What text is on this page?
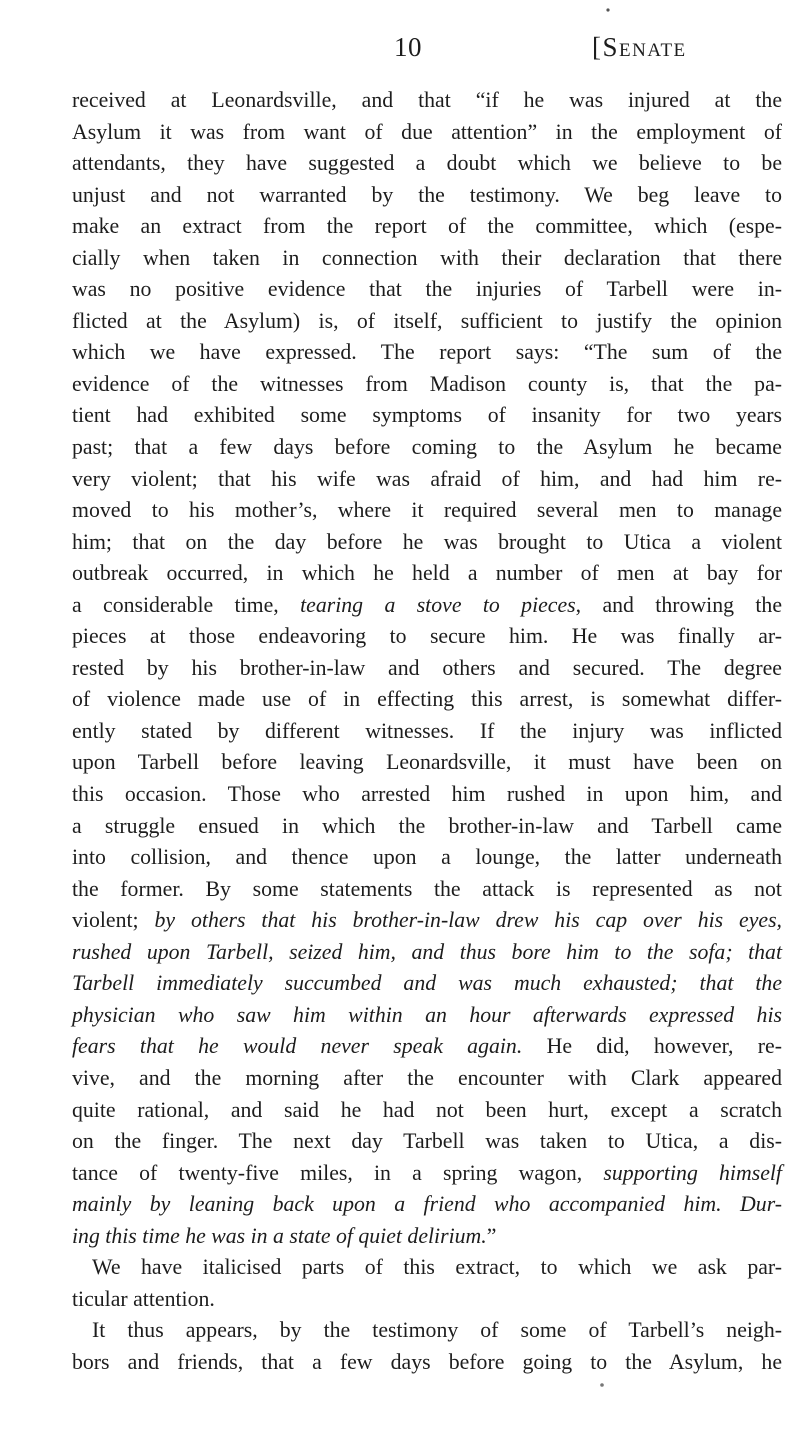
10	[Senate
received at Leonardsville, and that “if he was injured at the
Asylum it was from want of due attention” in the employment of
attendants, they have suggested a doubt which we believe to be
unjust and not warranted by the testimony. We beg leave to
make an extract from the report of the committee, which (espe-
cially when taken in connection with their declaration that there
was no positive evidence that the injuries of Tarbell were in-
flicted at the Asylum) is, of itself, sufficient to justify the opinion
which we have expressed. The report says: “The sum of the
evidence of the witnesses from Madison county is, that the pa-
tient had exhibited some symptoms of insanity for two years
past; that a few days before coming to the Asylum he became
very violent; that his wife was afraid of him, and had him re-
moved to his mother’s, where it required several men to manage
him; that on the day before he was brought to Utica a violent
outbreak occurred, in which he held a number of men at bay for
a considerable time, tearing a stove to pieces, and throwing the
pieces at those endeavoring to secure him. He was finally ar-
rested by his brother-in-law and others and secured. The degree
of violence made use of in effecting this arrest, is somewhat differ-
ently stated by different witnesses. If the injury was inflicted
upon Tarbell before leaving Leonardsville, it must have been on
this occasion. Those who arrested him rushed in upon him, and
a struggle ensued in which the brother-in-law and Tarbell came
into collision, and thence upon a lounge, the latter underneath
the former. By some statements the attack is represented as not
violent; by others that his brother-in-law drew his cap over his eyes,
rushed upon Tarbell, seized him, and thus bore him to the sofa; that
Tarbell immediately succumbed and was much exhausted; that the
physician who saw him within an hour afterwards expressed his
fears that he would never speak again. He did, however, re-
vive, and the morning after the encounter with Clark appeared
quite rational, and said he had not been hurt, except a scratch
on the finger. The next day Tarbell was taken to Utica, a dis-
tance of twenty-five miles, in a spring wagon, supporting himself
mainly by leaning back upon a friend who accompanied him. Dur-
ing this time he was in a state of quiet delirium.”
We have italicised parts of this extract, to which we ask par-
ticular attention.
It thus appears, by the testimony of some of Tarbell’s neigh-
bors and friends, that a few days before going to the Asylum, he
